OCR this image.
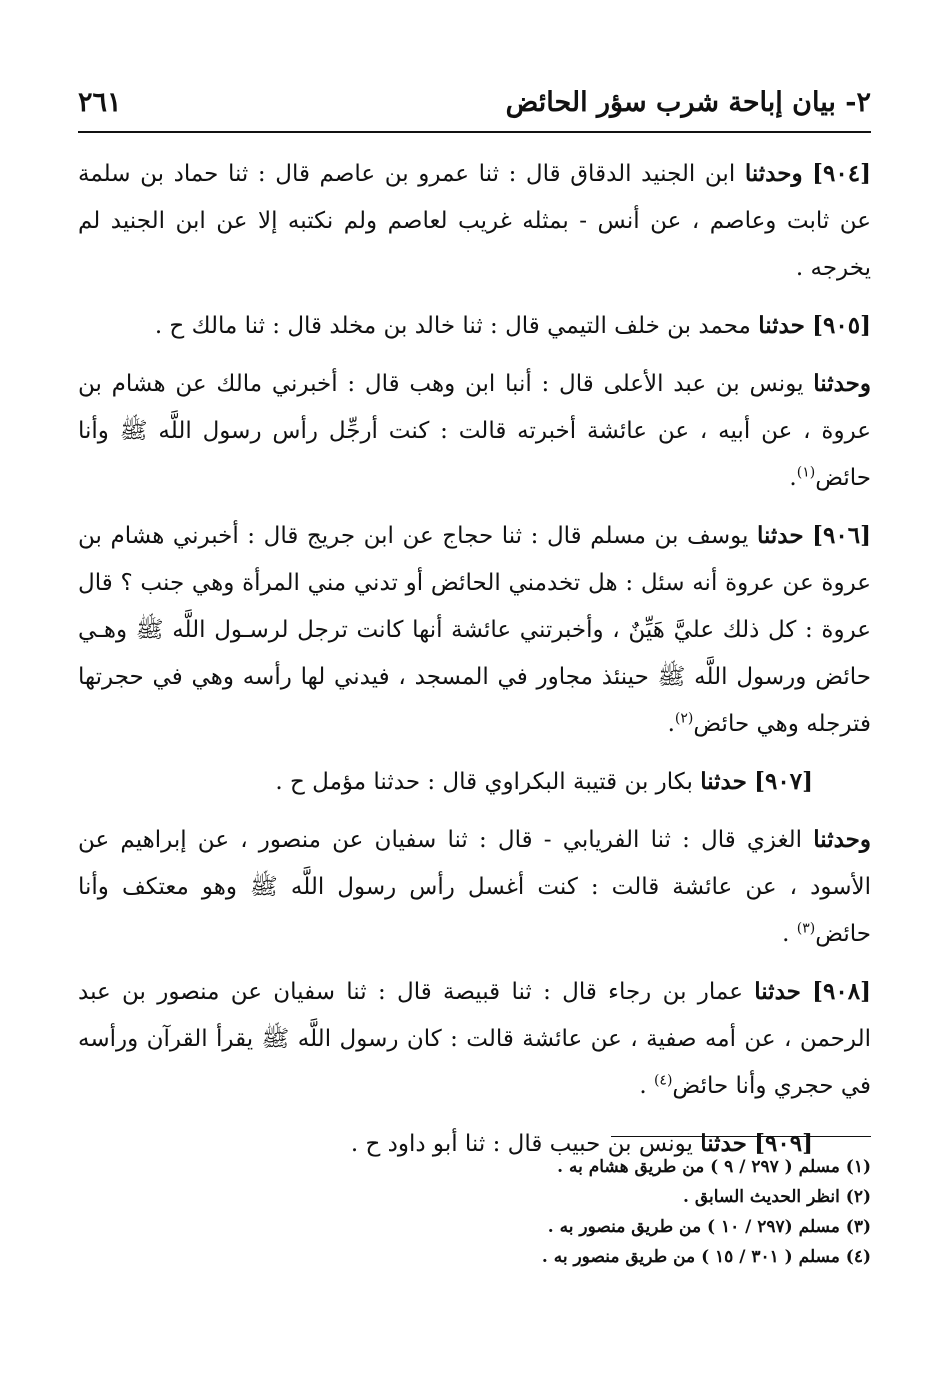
٢- بيان إباحة شرب سؤر الحائض
٢٦١

[٩٠٤] وحدثنا ابن الجنيد الدقاق قال : ثنا عمرو بن عاصم قال : ثنا حماد بن سلمة عن ثابت وعاصم ، عن أنس - بمثله غريب لعاصم ولم نكتبه إلا عن ابن الجنيد لم يخرجه .

[٩٠٥] حدثنا محمد بن خلف التيمي قال : ثنا خالد بن مخلد قال : ثنا مالك ح .

وحدثنا يونس بن عبد الأعلى قال : أنبا ابن وهب قال : أخبرني مالك عن هشام بن عروة ، عن أبيه ، عن عائشة أخبرته قالت : كنت أرجِّل رأس رسول اللَّه ﷺ وأنا حائض$^{(١)}$.

[٩٠٦] حدثنا يوسف بن مسلم قال : ثنا حجاج عن ابن جريج قال : أخبرني هشام بن عروة عن عروة أنه سئل : هل تخدمني الحائض أو تدني مني المرأة وهي جنب ؟ قال عروة : كل ذلك عليَّ هَيِّنٌ ، وأخبرتني عائشة أنها كانت ترجل لرسـول اللَّه ﷺ وهـي حائض ورسول اللَّه ﷺ حينئذ مجاور في المسجد ، فيدني لها رأسه وهي في حجرتها فترجله وهي حائض$^{(٢)}$.

[٩٠٧] حدثنا بكار بن قتيبة البكراوي قال : حدثنا مؤمل ح .

وحدثنا الغزي قال : ثنا الفريابي - قال : ثنا سفيان عن منصور ، عن إبراهيم عن الأسود ، عن عائشة قالت : كنت أغسل رأس رسول اللَّه ﷺ وهو معتكف وأنا حائض$^{(٣)}$ .

[٩٠٨] حدثنا عمار بن رجاء قال : ثنا قبيصة قال : ثنا سفيان عن منصور بن عبد الرحمن ، عن أمه صفية ، عن عائشة قالت : كان رسول اللَّه ﷺ يقرأ القرآن ورأسه في حجري وأنا حائض$^{(٤)}$ .

[٩٠٩] حدثنا يونس بن حبيب قال : ثنا أبو داود ح .

(١) مسلم ( ٢٩٧ / ٩ ) من طريق هشام به .
(٢) انظر الحديث السابق .
(٣) مسلم (٢٩٧ / ١٠ ) من طريق منصور به .
(٤) مسلم ( ٣٠١ / ١٥ ) من طريق منصور به .
